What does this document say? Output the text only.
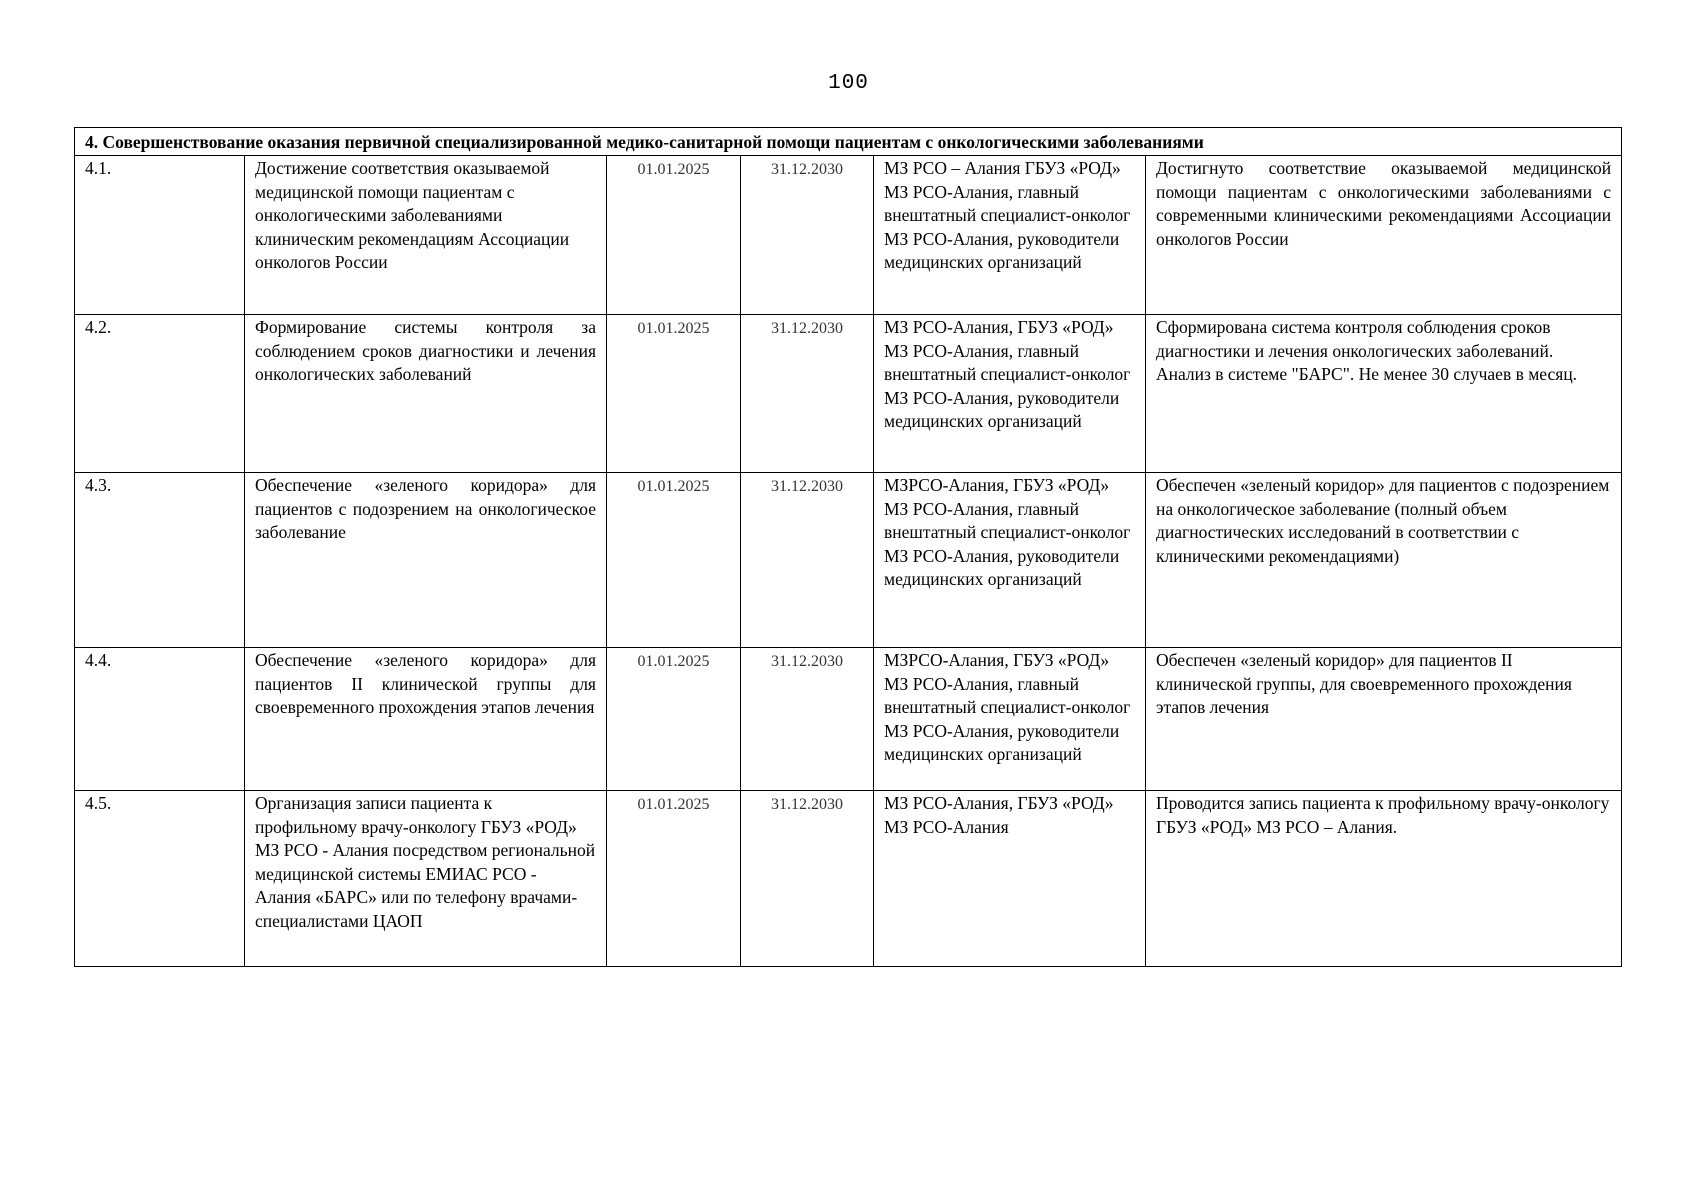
100
4. Совершенствование оказания первичной специализированной медико-санитарной помощи пациентам с онкологическими заболеваниями					
4.1.	Достижение соответствия оказываемой медицинской помощи пациентам с онкологическими заболеваниями клиническим рекомендациям Ассоциации онкологов России	01.01.2025	31.12.2030	МЗ РСО – Алания ГБУЗ «РОД» МЗ РСО-Алания, главный внештатный специалист-онколог МЗ РСО-Алания, руководители медицинских организаций	Достигнуто соответствие оказываемой медицинской помощи пациентам с онкологическими заболеваниями с современными клиническими рекомендациями Ассоциации онкологов России
4.2.	Формирование системы контроля за соблюдением сроков диагностики и лечения онкологических заболеваний	01.01.2025	31.12.2030	МЗ РСО-Алания, ГБУЗ «РОД» МЗ РСО-Алания, главный внештатный специалист-онколог МЗ РСО-Алания, руководители медицинских организаций	Сформирована система контроля соблюдения сроков диагностики и лечения онкологических заболеваний. Анализ в системе "БАРС". Не менее 30 случаев в месяц.
4.3.	Обеспечение «зеленого коридора» для пациентов с подозрением на онкологическое заболевание	01.01.2025	31.12.2030	МЗРСО-Алания, ГБУЗ «РОД» МЗ РСО-Алания, главный внештатный специалист-онколог МЗ РСО-Алания, руководители медицинских организаций	Обеспечен «зеленый коридор» для пациентов с подозрением на онкологическое заболевание (полный объем диагностических исследований в соответствии с клиническими рекомендациями)
4.4.	Обеспечение «зеленого коридора» для пациентов II клинической группы для своевременного прохождения этапов лечения	01.01.2025	31.12.2030	МЗРСО-Алания, ГБУЗ «РОД» МЗ РСО-Алания, главный внештатный специалист-онколог МЗ РСО-Алания, руководители медицинских организаций	Обеспечен «зеленый коридор» для пациентов II клинической группы, для своевременного прохождения этапов лечения
4.5.	Организация записи пациента к профильному врачу-онкологу ГБУЗ «РОД» МЗ РСО - Алания посредством региональной медицинской системы ЕМИАС РСО - Алания «БАРС» или по телефону врачами-специалистами ЦАОП	01.01.2025	31.12.2030	МЗ РСО-Алания, ГБУЗ «РОД» МЗ РСО-Алания	Проводится запись пациента к профильному врачу-онкологу ГБУЗ «РОД» МЗ РСО – Алания.
